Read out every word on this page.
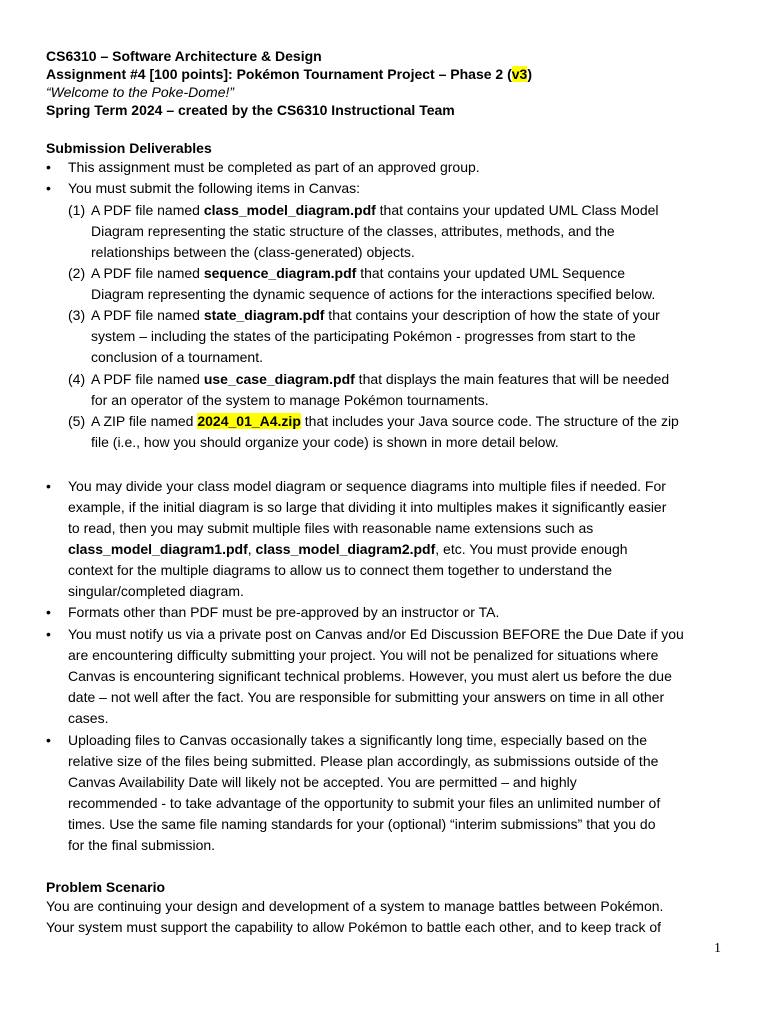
CS6310 – Software Architecture & Design
Assignment #4 [100 points]: Pokémon Tournament Project – Phase 2 (v3)
“Welcome to the Poke-Dome!”
Spring Term 2024 – created by the CS6310 Instructional Team
Submission Deliverables
•	This assignment must be completed as part of an approved group.
•	You must submit the following items in Canvas:
(1) A PDF file named class_model_diagram.pdf that contains your updated UML Class Model
Diagram representing the static structure of the classes, attributes, methods, and the
relationships between the (class-generated) objects.
(2) A PDF file named sequence_diagram.pdf that contains your updated UML Sequence
Diagram representing the dynamic sequence of actions for the interactions specified below.
(3) A PDF file named state_diagram.pdf that contains your description of how the state of your
system – including the states of the participating Pokémon - progresses from start to the
conclusion of a tournament.
(4) A PDF file named use_case_diagram.pdf that displays the main features that will be needed
for an operator of the system to manage Pokémon tournaments.
(5) A ZIP file named 2024_01_A4.zip that includes your Java source code. The structure of the zip
file (i.e., how you should organize your code) is shown in more detail below.
•	You may divide your class model diagram or sequence diagrams into multiple files if needed. For
example, if the initial diagram is so large that dividing it into multiples makes it significantly easier
to read, then you may submit multiple files with reasonable name extensions such as
class_model_diagram1.pdf, class_model_diagram2.pdf, etc. You must provide enough
context for the multiple diagrams to allow us to connect them together to understand the
singular/completed diagram.
•	Formats other than PDF must be pre-approved by an instructor or TA.
•	You must notify us via a private post on Canvas and/or Ed Discussion BEFORE the Due Date if you
are encountering difficulty submitting your project. You will not be penalized for situations where
Canvas is encountering significant technical problems. However, you must alert us before the due
date – not well after the fact. You are responsible for submitting your answers on time in all other
cases.
•	Uploading files to Canvas occasionally takes a significantly long time, especially based on the
relative size of the files being submitted. Please plan accordingly, as submissions outside of the
Canvas Availability Date will likely not be accepted. You are permitted – and highly
recommended - to take advantage of the opportunity to submit your files an unlimited number of
times. Use the same file naming standards for your (optional) “interim submissions” that you do
for the final submission.
Problem Scenario
You are continuing your design and development of a system to manage battles between Pokémon.
Your system must support the capability to allow Pokémon to battle each other, and to keep track of
1
